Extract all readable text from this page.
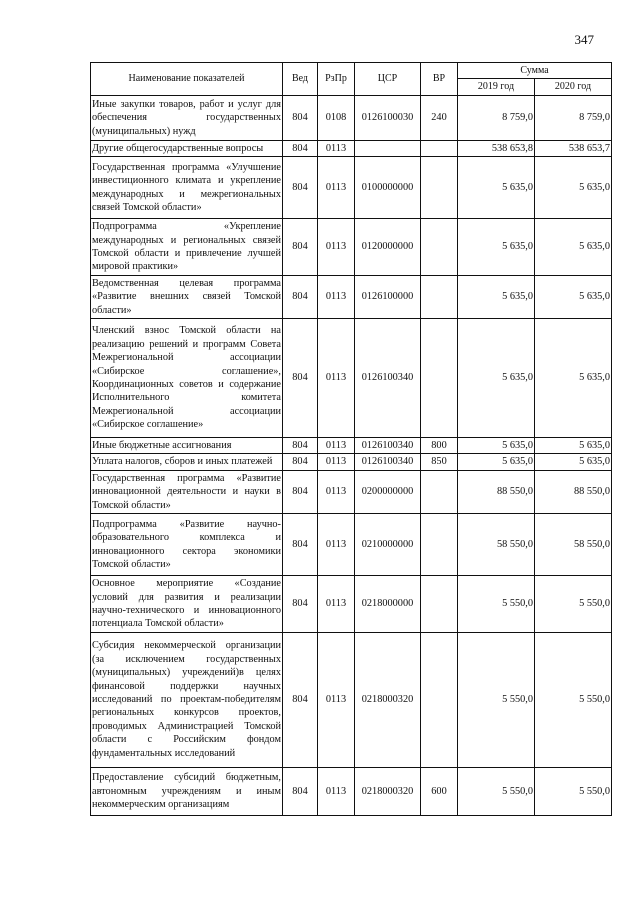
347
Наименование показателей	Вед	РзПр	ЦСР	ВР	Сумма	
					2019 год	2020 год
Иные закупки товаров, работ и услуг для обеспечения государственных (муниципальных) нужд	804	0108	0126100030	240	8 759,0	8 759,0
Другие общегосударственные вопросы	804	0113			538 653,8	538 653,7
Государственная программа «Улучшение инвестиционного климата и укрепление международных и межрегиональных связей Томской области»	804	0113	0100000000		5 635,0	5 635,0
Подпрограмма «Укрепление международных и региональных связей Томской области и привлечение лучшей мировой практики»	804	0113	0120000000		5 635,0	5 635,0
Ведомственная целевая программа «Развитие внешних связей Томской области»	804	0113	0126100000		5 635,0	5 635,0
Членский взнос Томской области на реализацию решений и программ Совета Межрегиональной ассоциации «Сибирское соглашение», Координационных советов и содержание Исполнительного комитета Межрегиональной ассоциации «Сибирское соглашение»	804	0113	0126100340		5 635,0	5 635,0
Иные бюджетные ассигнования	804	0113	0126100340	800	5 635,0	5 635,0
Уплата налогов, сборов и иных платежей	804	0113	0126100340	850	5 635,0	5 635,0
Государственная программа «Развитие инновационной деятельности и науки в Томской области»	804	0113	0200000000		88 550,0	88 550,0
Подпрограмма «Развитие научно-образовательного комплекса и инновационного сектора экономики Томской области»	804	0113	0210000000		58 550,0	58 550,0
Основное мероприятие «Создание условий для развития и реализации научно-технического и инновационного потенциала Томской области»	804	0113	0218000000		5 550,0	5 550,0
Субсидия некоммерческой организации (за исключением государственных (муниципальных) учреждений)в целях финансовой поддержки научных исследований по проектам-победителям региональных конкурсов проектов, проводимых Администрацией Томской области с Российским фондом фундаментальных исследований	804	0113	0218000320		5 550,0	5 550,0
Предоставление субсидий бюджетным, автономным учреждениям и иным некоммерческим организациям	804	0113	0218000320	600	5 550,0	5 550,0
